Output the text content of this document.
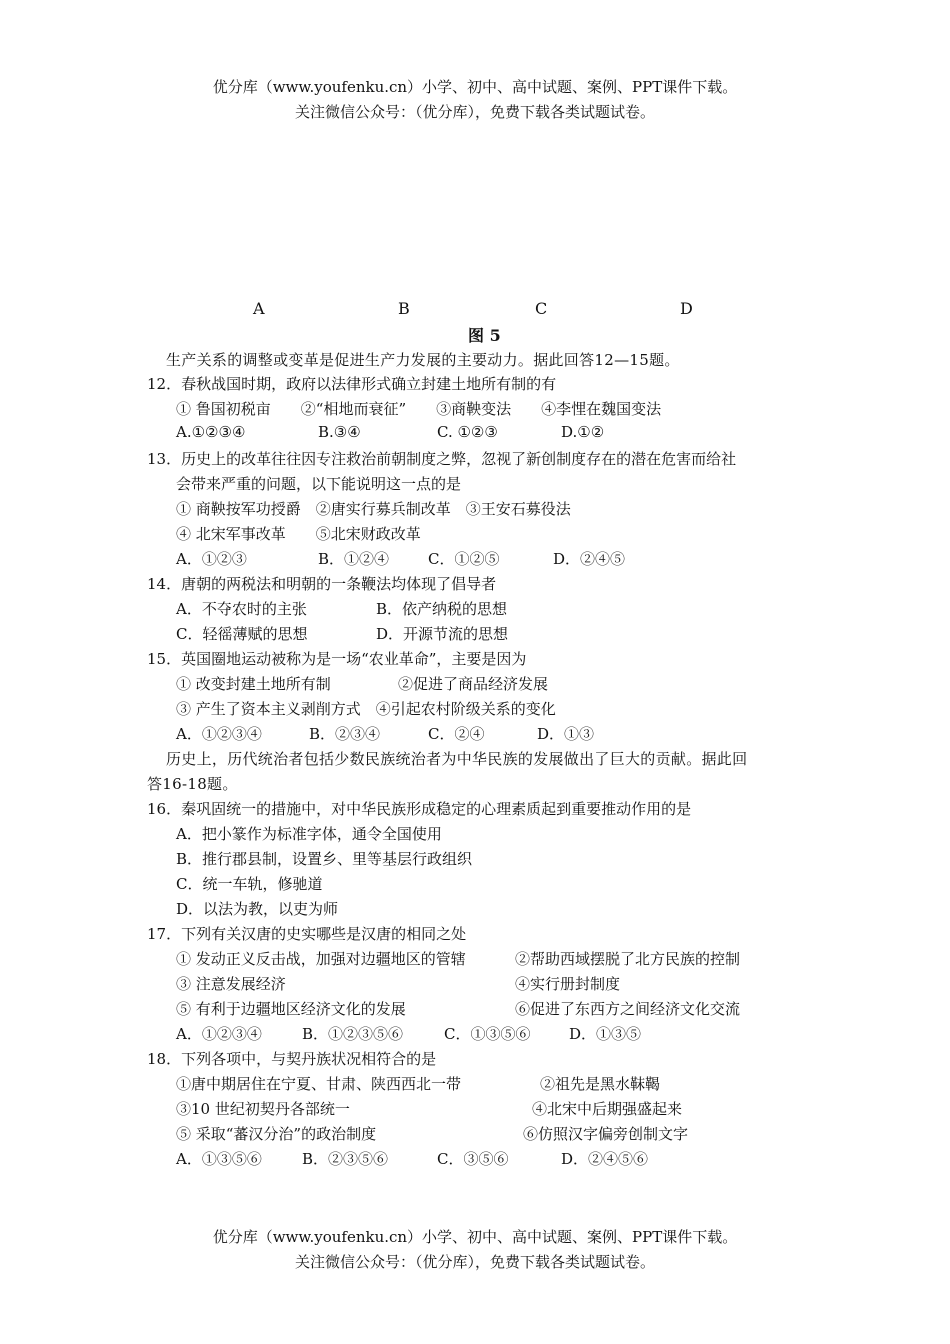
优分库（www.youfenku.cn）小学、初中、高中试题、案例、PPT课件下载。
关注微信公众号：（优分库），免费下载各类试题试卷。
A	B	C	D
图 5
生产关系的调整或变革是促进生产力发展的主要动力。据此回答12—15题。
12．春秋战国时期，政府以法律形式确立封建土地所有制的有
① 鲁国初税亩　　②“相地而衰征”　　③商鞅变法　　④李悝在魏国变法
A.①②③④	B.③④	C. ①②③	D.①②
13．历史上的改革往往因专注救治前朝制度之弊，忽视了新创制度存在的潜在危害而给社
会带来严重的问题，以下能说明这一点的是
① 商鞅按军功授爵　②唐实行募兵制改革　③王安石募役法
④ 北宋军事改革　　⑤北宋财政改革
A．①②③	B．①②④	C．①②⑤	D．②④⑤
14．唐朝的两税法和明朝的一条鞭法均体现了倡导者
A．不夺农时的主张	B．依产纳税的思想
C．轻徭薄赋的思想	D．开源节流的思想
15．英国圈地运动被称为是一场“农业革命”，主要是因为
① 改变封建土地所有制	②促进了商品经济发展
③ 产生了资本主义剥削方式　④引起农村阶级关系的变化
A．①②③④	B．②③④	C．②④	D．①③
历史上，历代统治者包括少数民族统治者为中华民族的发展做出了巨大的贡献。据此回
答16-18题。
16．秦巩固统一的措施中，对中华民族形成稳定的心理素质起到重要推动作用的是
A．把小篆作为标准字体，通令全国使用
B．推行郡县制，设置乡、里等基层行政组织
C．统一车轨，修驰道
D．以法为教，以吏为师
17．下列有关汉唐的史实哪些是汉唐的相同之处
① 发动正义反击战，加强对边疆地区的管辖	②帮助西域摆脱了北方民族的控制
③ 注意发展经济	④实行册封制度
⑤ 有利于边疆地区经济文化的发展	⑥促进了东西方之间经济文化交流
A．①②③④	B．①②③⑤⑥	C．①③⑤⑥	D．①③⑤
18．下列各项中，与契丹族状况相符合的是
①唐中期居住在宁夏、甘肃、陕西西北一带	②祖先是黑水靺鞨
③10 世纪初契丹各部统一	④北宋中后期强盛起来
⑤ 采取“蕃汉分治”的政治制度	⑥仿照汉字偏旁创制文字
A．①③⑤⑥	B．②③⑤⑥	C．③⑤⑥	D．②④⑤⑥
优分库（www.youfenku.cn）小学、初中、高中试题、案例、PPT课件下载。
关注微信公众号：（优分库），免费下载各类试题试卷。
